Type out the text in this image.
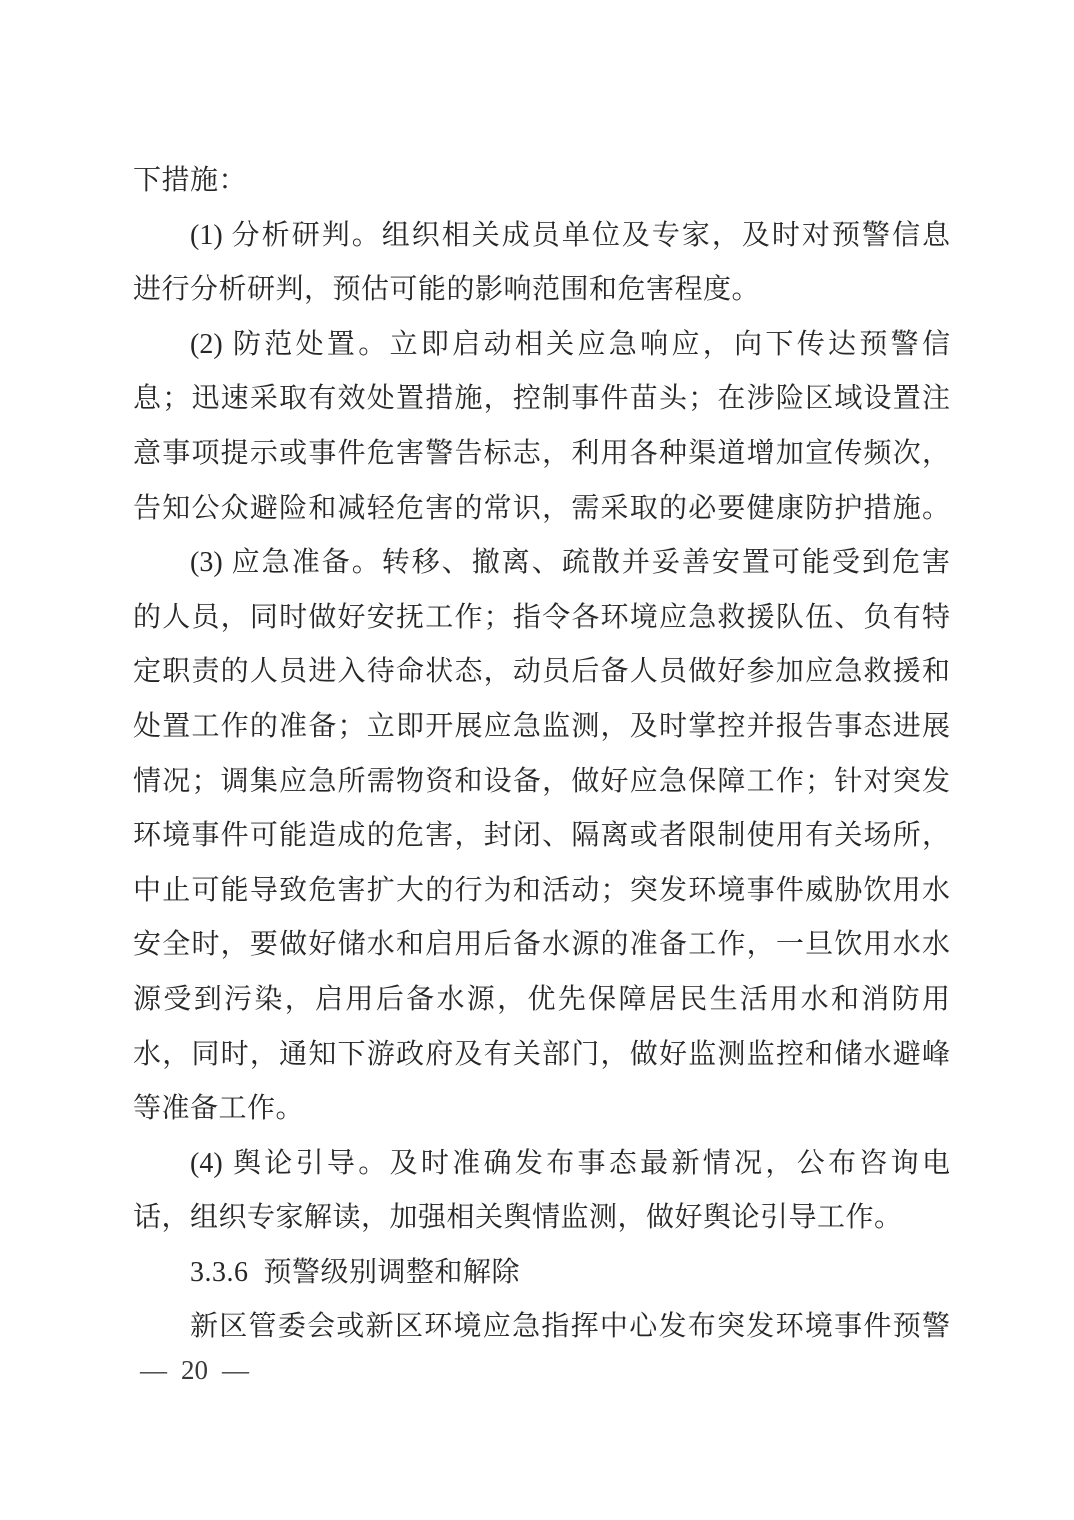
下措施：
(1) 分析研判。组织相关成员单位及专家，及时对预警信息
进行分析研判，预估可能的影响范围和危害程度。
(2) 防范处置。立即启动相关应急响应，向下传达预警信
息；迅速采取有效处置措施，控制事件苗头；在涉险区域设置注
意事项提示或事件危害警告标志，利用各种渠道增加宣传频次，
告知公众避险和减轻危害的常识，需采取的必要健康防护措施。
(3) 应急准备。转移、撤离、疏散并妥善安置可能受到危害
的人员，同时做好安抚工作；指令各环境应急救援队伍、负有特
定职责的人员进入待命状态，动员后备人员做好参加应急救援和
处置工作的准备；立即开展应急监测，及时掌控并报告事态进展
情况；调集应急所需物资和设备，做好应急保障工作；针对突发
环境事件可能造成的危害，封闭、隔离或者限制使用有关场所，
中止可能导致危害扩大的行为和活动；突发环境事件威胁饮用水
安全时，要做好储水和启用后备水源的准备工作，一旦饮用水水
源受到污染，启用后备水源，优先保障居民生活用水和消防用
水，同时，通知下游政府及有关部门，做好监测监控和储水避峰
等准备工作。
(4) 舆论引导。及时准确发布事态最新情况，公布咨询电
话，组织专家解读，加强相关舆情监测，做好舆论引导工作。
3.3.6  预警级别调整和解除
新区管委会或新区环境应急指挥中心发布突发环境事件预警
— 20 —
